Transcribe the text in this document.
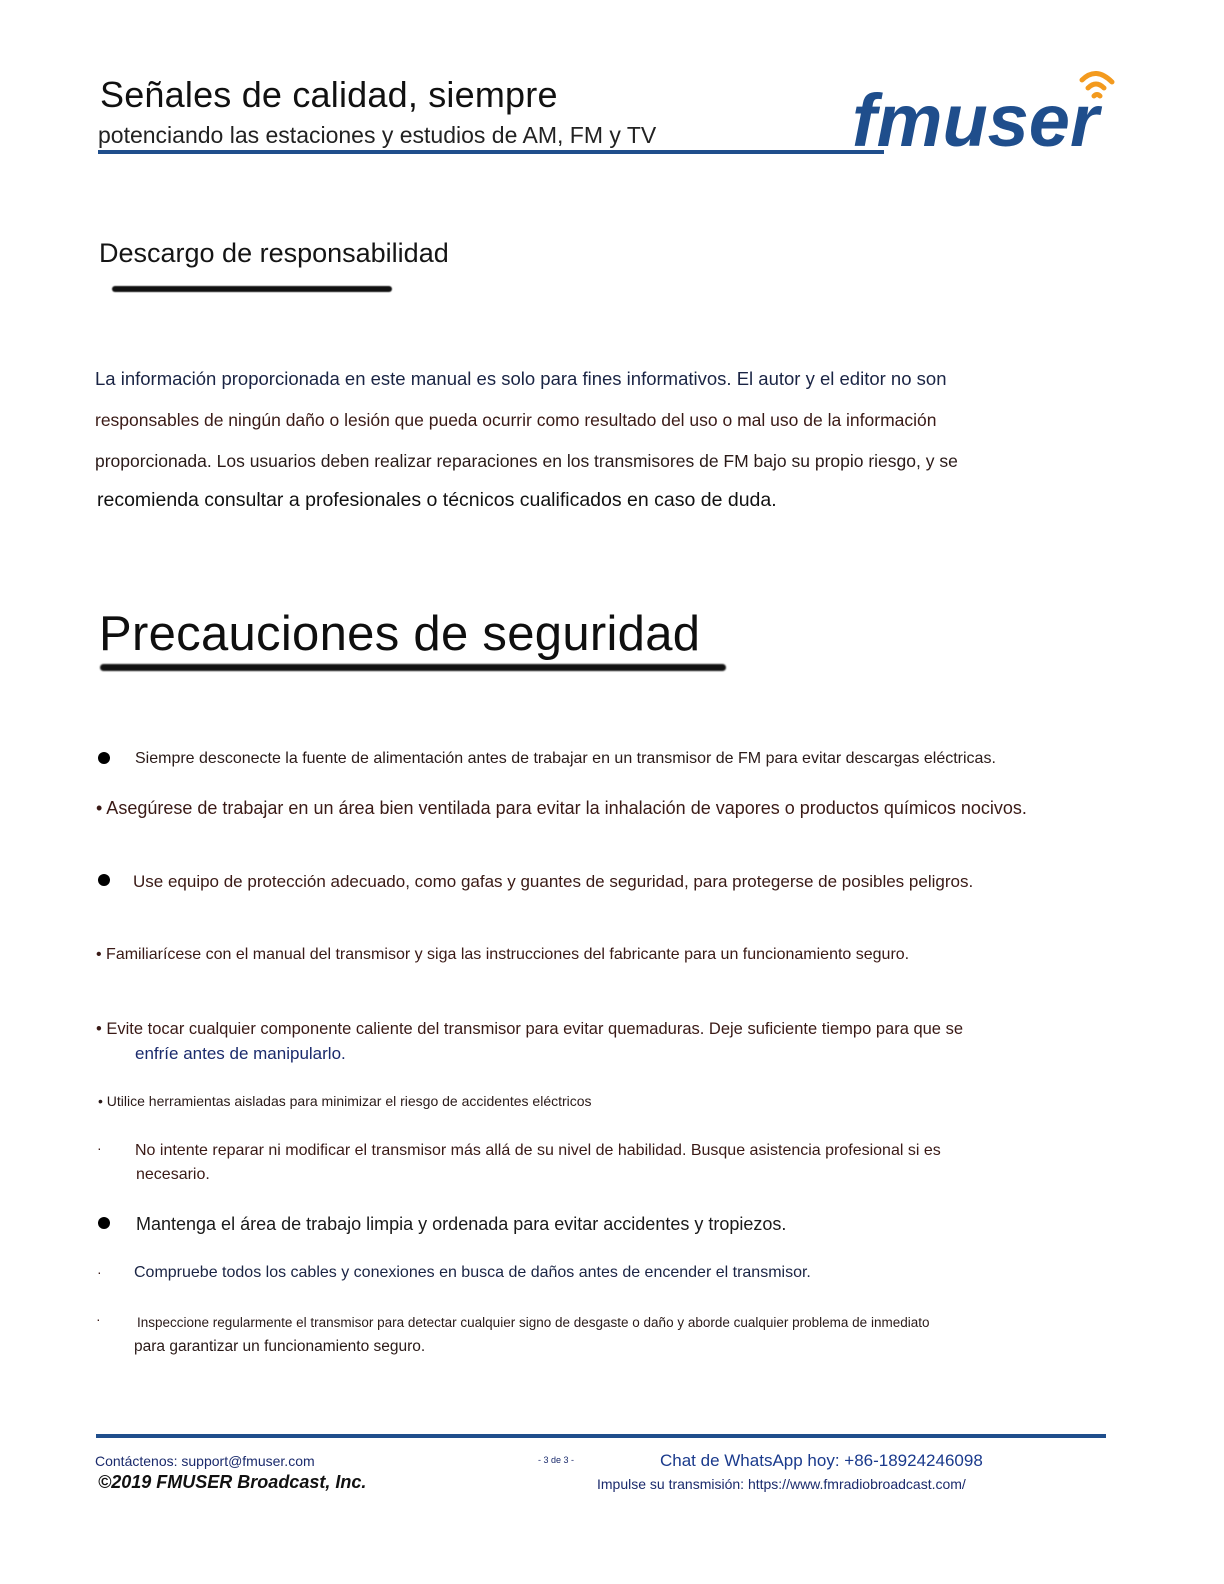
Señales de calidad, siempre
potenciando las estaciones y estudios de AM, FM y TV	fmuser
Descargo de responsabilidad
La información proporcionada en este manual es solo para fines informativos. El autor y el editor no son
responsables de ningún daño o lesión que pueda ocurrir como resultado del uso o mal uso de la información
proporcionada. Los usuarios deben realizar reparaciones en los transmisores de FM bajo su propio riesgo, y se
recomienda consultar a profesionales o técnicos cualificados en caso de duda.
Precauciones de seguridad
Siempre desconecte la fuente de alimentación antes de trabajar en un transmisor de FM para evitar descargas eléctricas.
• Asegúrese de trabajar en un área bien ventilada para evitar la inhalación de vapores o productos químicos nocivos.
Use equipo de protección adecuado, como gafas y guantes de seguridad, para protegerse de posibles peligros.
• Familiarícese con el manual del transmisor y siga las instrucciones del fabricante para un funcionamiento seguro.
• Evite tocar cualquier componente caliente del transmisor para evitar quemaduras. Deje suficiente tiempo para que se
enfríe antes de manipularlo.
• Utilice herramientas aisladas para minimizar el riesgo de accidentes eléctricos
· No intente reparar ni modificar el transmisor más allá de su nivel de habilidad. Busque asistencia profesional si es
necesario.
Mantenga el área de trabajo limpia y ordenada para evitar accidentes y tropiezos.
· Compruebe todos los cables y conexiones en busca de daños antes de encender el transmisor.
·	Inspeccione regularmente el transmisor para detectar cualquier signo de desgaste o daño y aborde cualquier problema de inmediato
para garantizar un funcionamiento seguro.
Contáctenos: support@fmuser.com
©2019 FMUSER Broadcast, Inc.
- 3 de 3 -	Chat de WhatsApp hoy: +86-18924246098
Impulse su transmisión: https://www.fmradiobroadcast.com/
